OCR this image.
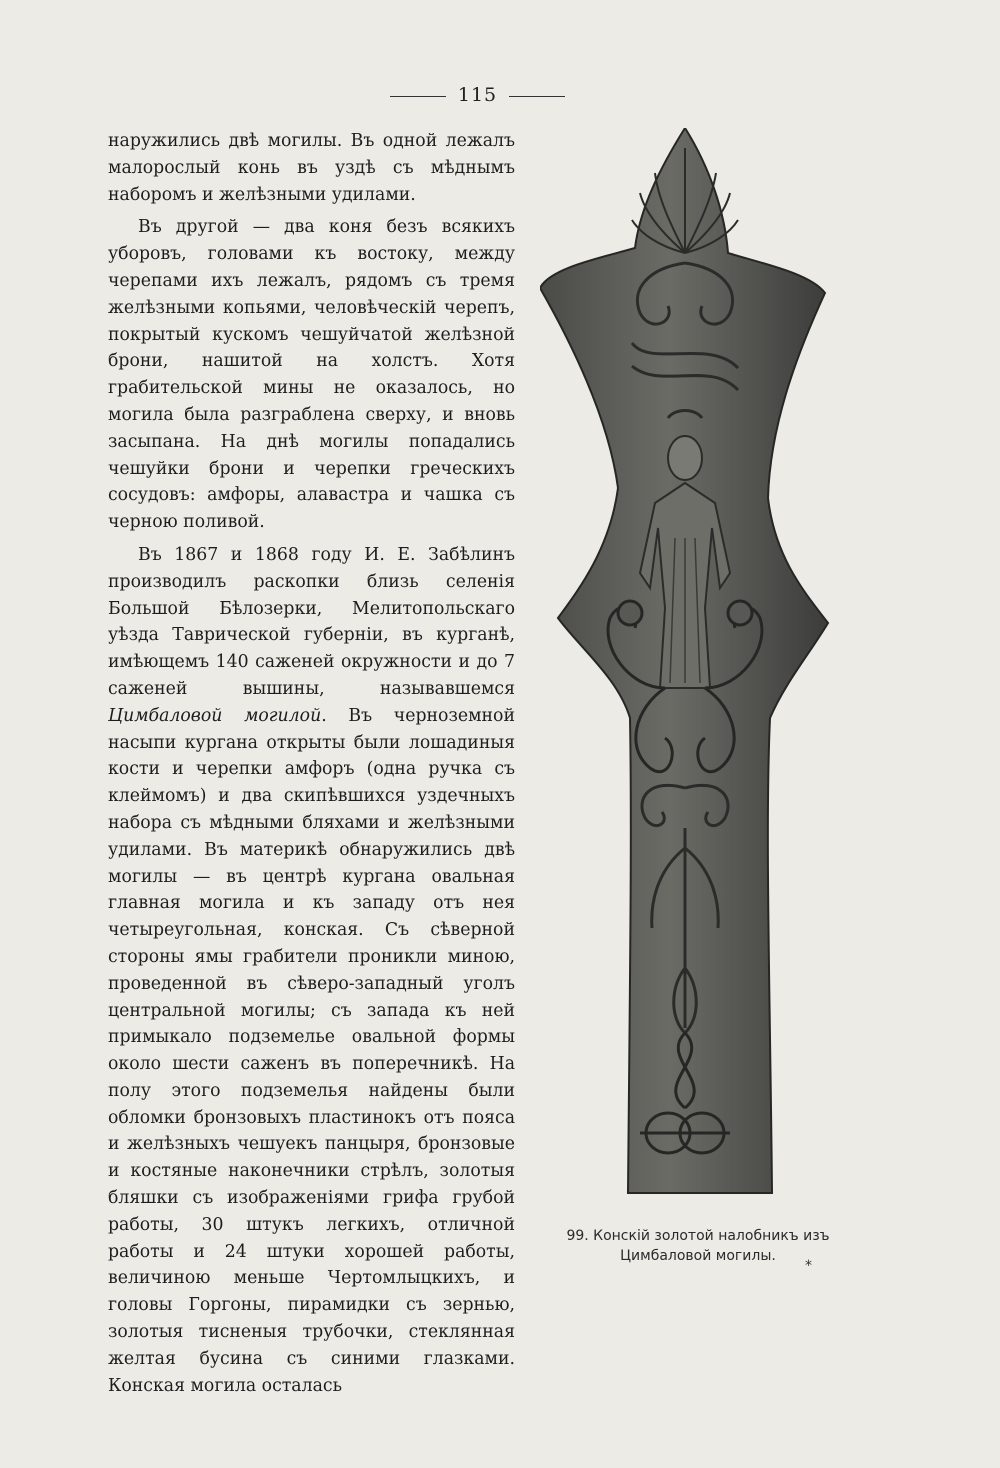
115

наружились двѣ могилы. Въ одной лежалъ малорослый конь въ уздѣ съ мѣднымъ наборомъ и желѣзными удилами.

Въ другой — два коня безъ всякихъ уборовъ, головами къ востоку, между черепами ихъ лежалъ, рядомъ съ тремя желѣзными копьями, человѣческій черепъ, покрытый кускомъ чешуйчатой желѣзной брони, нашитой на холстъ. Хотя грабительской мины не оказалось, но могила была разграблена сверху, и вновь засыпана. На днѣ могилы попадались чешуйки брони и черепки греческихъ сосудовъ: амфоры, алавастра и чашка съ черною поливой.

Въ 1867 и 1868 году И. Е. Забѣлинъ производилъ раскопки близь селенія Большой Бѣлозерки, Мелитопольскаго уѣзда Таврической губерніи, въ курганѣ, имѣющемъ 140 саженей окружности и до 7 саженей вышины, называвшемся Цимбаловой могилой. Въ черноземной насыпи кургана открыты были лошадиныя кости и черепки амфоръ (одна ручка съ клеймомъ) и два скипѣвшихся уздечныхъ набора съ мѣдными бляхами и желѣзными удилами. Въ материкѣ обнаружились двѣ могилы — въ центрѣ кургана овальная главная могила и къ западу отъ нея четыреугольная, конская. Съ сѣверной стороны ямы грабители проникли миною, проведенной въ сѣверо-западный уголъ центральной могилы; съ запада къ ней примыкало подземелье овальной формы около шести саженъ въ поперечникѣ. На полу этого подземелья найдены были обломки бронзовыхъ пластинокъ отъ пояса и желѣзныхъ чешуекъ панцыря, бронзовые и костяные наконечники стрѣлъ, золотыя бляшки съ изображеніями грифа грубой работы, 30 штукъ легкихъ, отличной работы и 24 штуки хорошей работы, величиною меньше Чертомлыцкихъ, и головы Горгоны, пирамидки съ зернью, золотыя тисненыя трубочки, стеклянная желтая бусина съ синими глазками. Конская могила осталась

99. Конскій золотой налобникъ изъ
Цимбаловой могилы.
*
